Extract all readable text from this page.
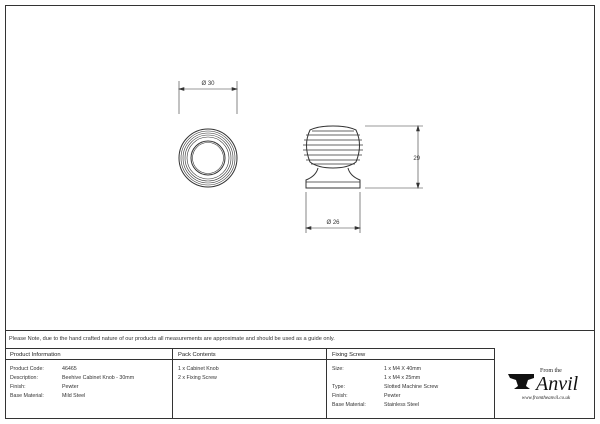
Ø 30
29
Ø 26
Please Note, due to the hand crafted nature of our products all measurements are approximate and should be used as a guide only.
Product Information
Product Code:	46465
Description:	Beehive Cabinet Knob - 30mm
Finish:	Pewter
Base Material:	Mild Steel
Pack Contents
1 x Cabinet Knob
2 x Fixing Screw
Fixing Screw
Size:	1 x M4 X 40mm
1 x M4 x 25mm
Type:	Slotted Machine Screw
Finish:	Pewter
Base Material:	Stainless Steel
From the
Anvil
www.fromtheanvil.co.uk
